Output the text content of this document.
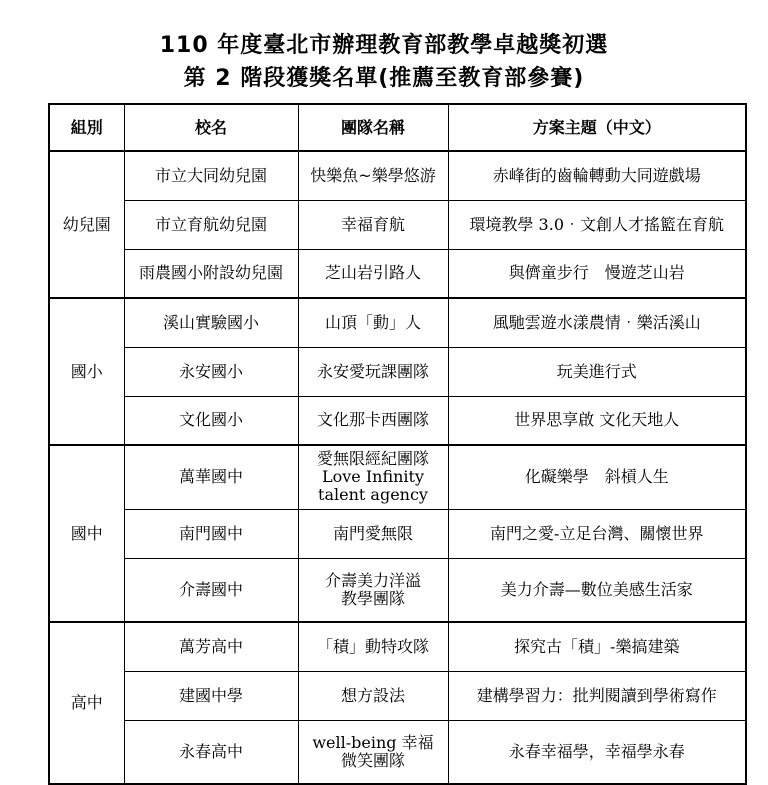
110 年度臺北市辦理教育部教學卓越獎初選
第 2 階段獲獎名單(推薦至教育部參賽)
組別	校名	團隊名稱	方案主題（中文）
幼兒園	市立大同幼兒園	快樂魚~樂學悠游	赤峰街的齒輪轉動大同遊戲場
	市立育航幼兒園	幸福育航	環境教學 3.0‧文創人才搖籃在育航
	雨農國小附設幼兒園	芝山岩引路人	與儕童步行　慢遊芝山岩
國小	溪山實驗國小	山頂「動」人	風馳雲遊水漾農情‧樂活溪山
	永安國小	永安愛玩課團隊	玩美進行式
	文化國小	文化那卡西團隊	世界思享啟 文化天地人
國中	萬華國中	愛無限經紀團隊
Love Infinity
talent agency	化礙樂學　斜槓人生
	南門國中	南門愛無限	南門之愛-立足台灣、關懷世界
	介壽國中	介壽美力洋溢
教學團隊	美力介壽—數位美感生活家
高中	萬芳高中	「積」動特攻隊	探究古「積」-樂搞建築
	建國中學	想方設法	建構學習力：批判閱讀到學術寫作
	永春高中	well-being 幸福
微笑團隊	永春幸福學，幸福學永春
